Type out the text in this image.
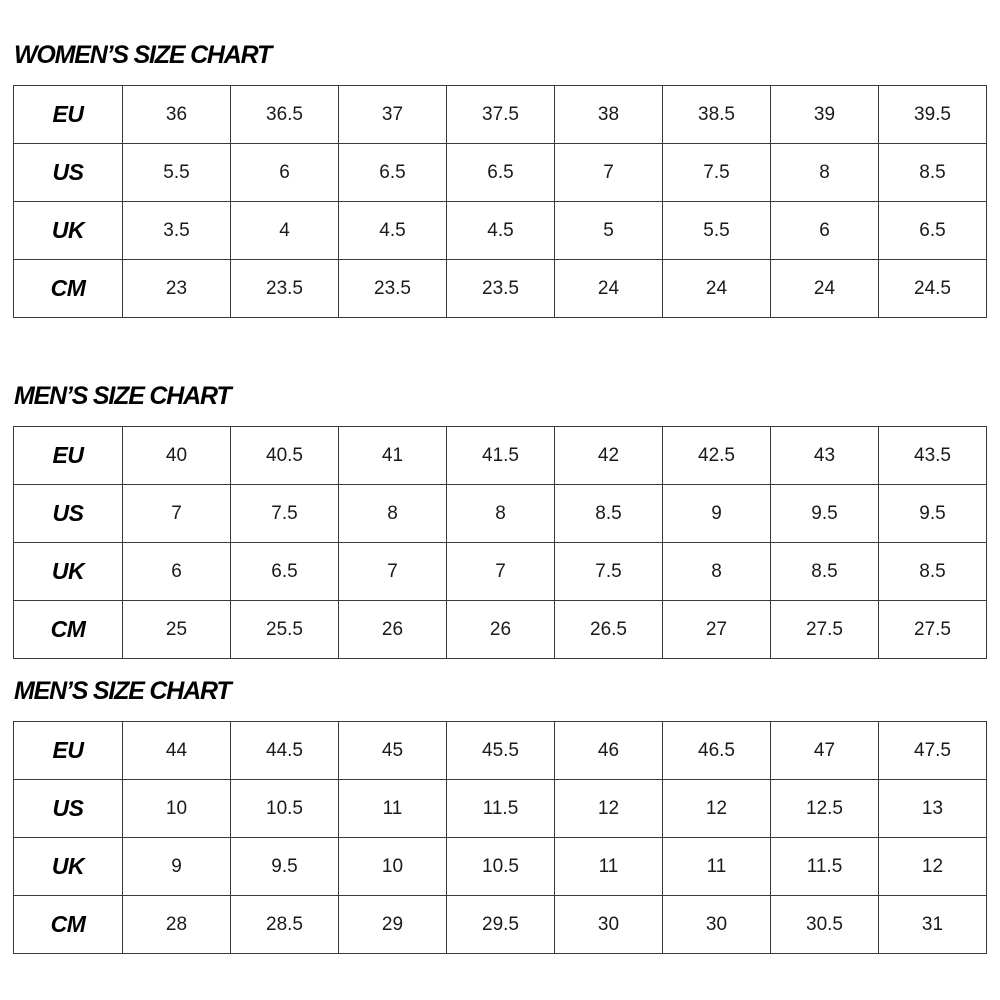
WOMEN’S SIZE CHART
EU	36	36.5	37	37.5	38	38.5	39	39.5
US	5.5	6	6.5	6.5	7	7.5	8	8.5
UK	3.5	4	4.5	4.5	5	5.5	6	6.5
CM	23	23.5	23.5	23.5	24	24	24	24.5
MEN’S SIZE CHART
EU	40	40.5	41	41.5	42	42.5	43	43.5
US	7	7.5	8	8	8.5	9	9.5	9.5
UK	6	6.5	7	7	7.5	8	8.5	8.5
CM	25	25.5	26	26	26.5	27	27.5	27.5
MEN’S SIZE CHART
EU	44	44.5	45	45.5	46	46.5	47	47.5
US	10	10.5	11	11.5	12	12	12.5	13
UK	9	9.5	10	10.5	11	11	11.5	12
CM	28	28.5	29	29.5	30	30	30.5	31
